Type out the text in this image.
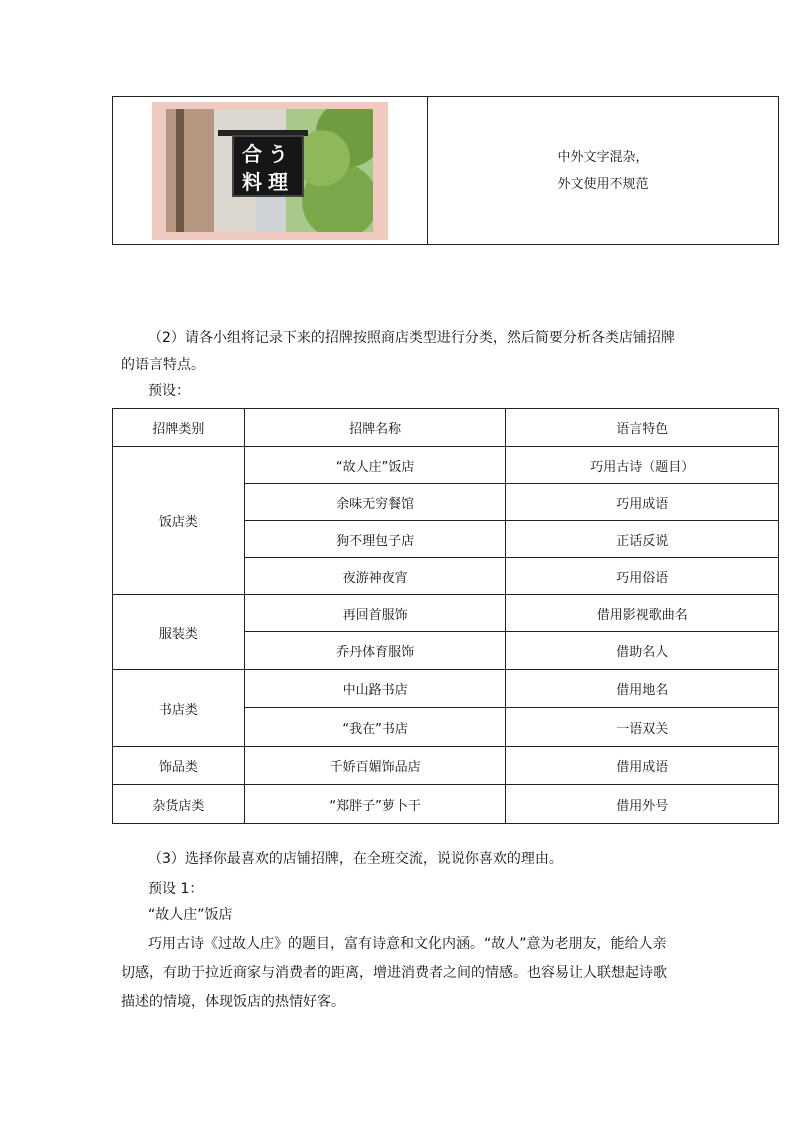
合う
料理

中外文字混杂，
外文使用不规范

（2）请各小组将记录下来的招牌按照商店类型进行分类，然后简要分析各类店铺招牌的语言特点。

预设：

招牌类别	招牌名称	语言特色
饭店类	“故人庄”饭店	巧用古诗（题目）
	余味无穷餐馆	巧用成语
	狗不理包子店	正话反说
	夜游神夜宵	巧用俗语
服装类	再回首服饰	借用影视歌曲名
	乔丹体育服饰	借助名人
书店类	中山路书店	借用地名
	“我在”书店	一语双关
饰品类	千娇百媚饰品店	借用成语
杂货店类	“郑胖子”萝卜干	借用外号

（3）选择你最喜欢的店铺招牌，在全班交流，说说你喜欢的理由。

预设 1：

“故人庄”饭店

巧用古诗《过故人庄》的题目，富有诗意和文化内涵。“故人”意为老朋友，能给人亲切感，有助于拉近商家与消费者的距离，增进消费者之间的情感。也容易让人联想起诗歌描述的情境，体现饭店的热情好客。
